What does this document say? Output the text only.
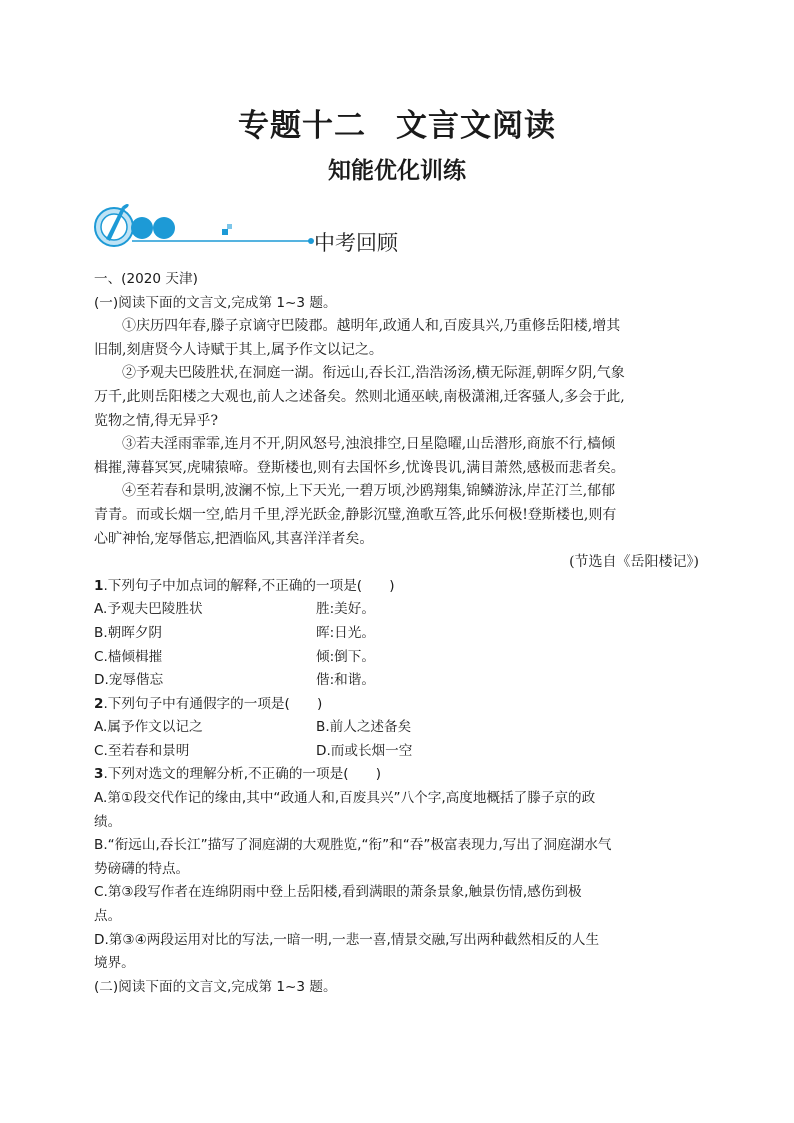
专题十二 文言文阅读
知能优化训练
中考回顾
一、(2020 天津)
(一)阅读下面的文言文,完成第 1~3 题。
①庆历四年春,滕子京谪守巴陵郡。越明年,政通人和,百废具兴,乃重修岳阳楼,增其
旧制,刻唐贤今人诗赋于其上,属予作文以记之。
②予观夫巴陵胜状,在洞庭一湖。衔远山,吞长江,浩浩汤汤,横无际涯,朝晖夕阴,气象
万千,此则岳阳楼之大观也,前人之述备矣。然则北通巫峡,南极潇湘,迁客骚人,多会于此,
览物之情,得无异乎?
③若夫淫雨霏霏,连月不开,阴风怒号,浊浪排空,日星隐曜,山岳潜形,商旅不行,樯倾
楫摧,薄暮冥冥,虎啸猿啼。登斯楼也,则有去国怀乡,忧谗畏讥,满目萧然,感极而悲者矣。
④至若春和景明,波澜不惊,上下天光,一碧万顷,沙鸥翔集,锦鳞游泳,岸芷汀兰,郁郁
青青。而或长烟一空,皓月千里,浮光跃金,静影沉璧,渔歌互答,此乐何极!登斯楼也,则有
心旷神怡,宠辱偕忘,把酒临风,其喜洋洋者矣。
(节选自《岳阳楼记》)
1.下列句子中加点词的解释,不正确的一项是(　　)
A.予观夫巴陵胜状	胜:美好。
B.朝晖夕阴	晖:日光。
C.樯倾楫摧	倾:倒下。
D.宠辱偕忘	偕:和谐。
2.下列句子中有通假字的一项是(　　)
A.属予作文以记之	B.前人之述备矣
C.至若春和景明	D.而或长烟一空
3.下列对选文的理解分析,不正确的一项是(　　)
A.第①段交代作记的缘由,其中“政通人和,百废具兴”八个字,高度地概括了滕子京的政
绩。
B.“衔远山,吞长江”描写了洞庭湖的大观胜览,“衔”和“吞”极富表现力,写出了洞庭湖水气
势磅礴的特点。
C.第③段写作者在连绵阴雨中登上岳阳楼,看到满眼的萧条景象,触景伤情,感伤到极
点。
D.第③④两段运用对比的写法,一暗一明,一悲一喜,情景交融,写出两种截然相反的人生
境界。
(二)阅读下面的文言文,完成第 1~3 题。
